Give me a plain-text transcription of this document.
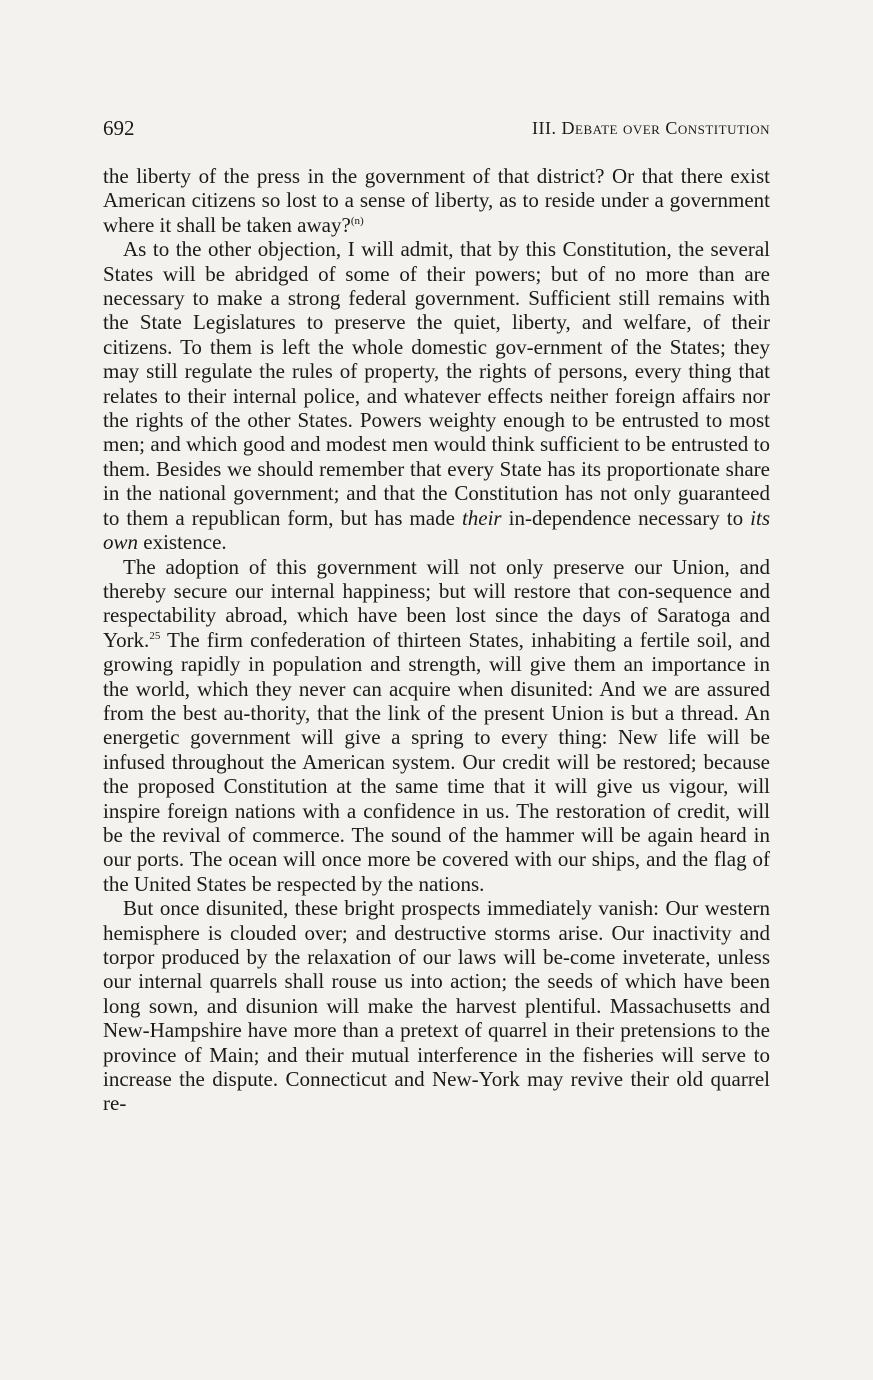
692	III. Debate over Constitution

the liberty of the press in the government of that district? Or that there exist American citizens so lost to a sense of liberty, as to reside under a government where it shall be taken away?$^{(n)}$

As to the other objection, I will admit, that by this Constitution, the several States will be abridged of some of their powers; but of no more than are necessary to make a strong federal government. Sufficient still remains with the State Legislatures to preserve the quiet, liberty, and welfare, of their citizens. To them is left the whole domestic gov-ernment of the States; they may still regulate the rules of property, the rights of persons, every thing that relates to their internal police, and whatever effects neither foreign affairs nor the rights of the other States. Powers weighty enough to be entrusted to most men; and which good and modest men would think sufficient to be entrusted to them. Besides we should remember that every State has its proportionate share in the national government; and that the Constitution has not only guaranteed to them a republican form, but has made their in-dependence necessary to its own existence.

The adoption of this government will not only preserve our Union, and thereby secure our internal happiness; but will restore that con-sequence and respectability abroad, which have been lost since the days of Saratoga and York.$^{25}$ The firm confederation of thirteen States, inhabiting a fertile soil, and growing rapidly in population and strength, will give them an importance in the world, which they never can acquire when disunited: And we are assured from the best au-thority, that the link of the present Union is but a thread. An energetic government will give a spring to every thing: New life will be infused throughout the American system. Our credit will be restored; because the proposed Constitution at the same time that it will give us vigour, will inspire foreign nations with a confidence in us. The restoration of credit, will be the revival of commerce. The sound of the hammer will be again heard in our ports. The ocean will once more be covered with our ships, and the flag of the United States be respected by the nations.

But once disunited, these bright prospects immediately vanish: Our western hemisphere is clouded over; and destructive storms arise. Our inactivity and torpor produced by the relaxation of our laws will be-come inveterate, unless our internal quarrels shall rouse us into action; the seeds of which have been long sown, and disunion will make the harvest plentiful. Massachusetts and New-Hampshire have more than a pretext of quarrel in their pretensions to the province of Main; and their mutual interference in the fisheries will serve to increase the dispute. Connecticut and New-York may revive their old quarrel re-
